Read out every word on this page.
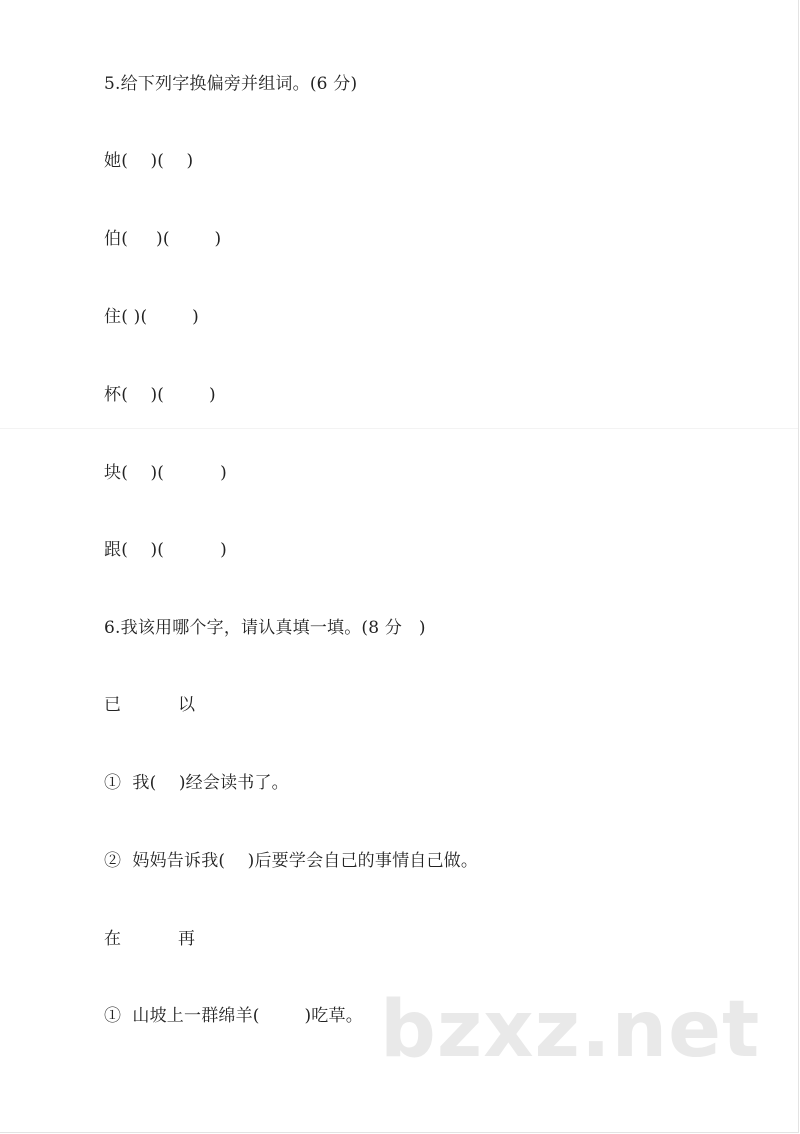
5.给下列字换偏旁并组词。(6 分)
她(    )(    )
伯(     )(        )
住( )(        )
杯(    )(        )
块(    )(          )
跟(    )(          )
6.我该用哪个字，请认真填一填。(8 分   )
已	以
①  我(    )经会读书了。
②  妈妈告诉我(    )后要学会自己的事情自己做。
在	再
①  山坡上一群绵羊(        )吃草。 bzxz.net
